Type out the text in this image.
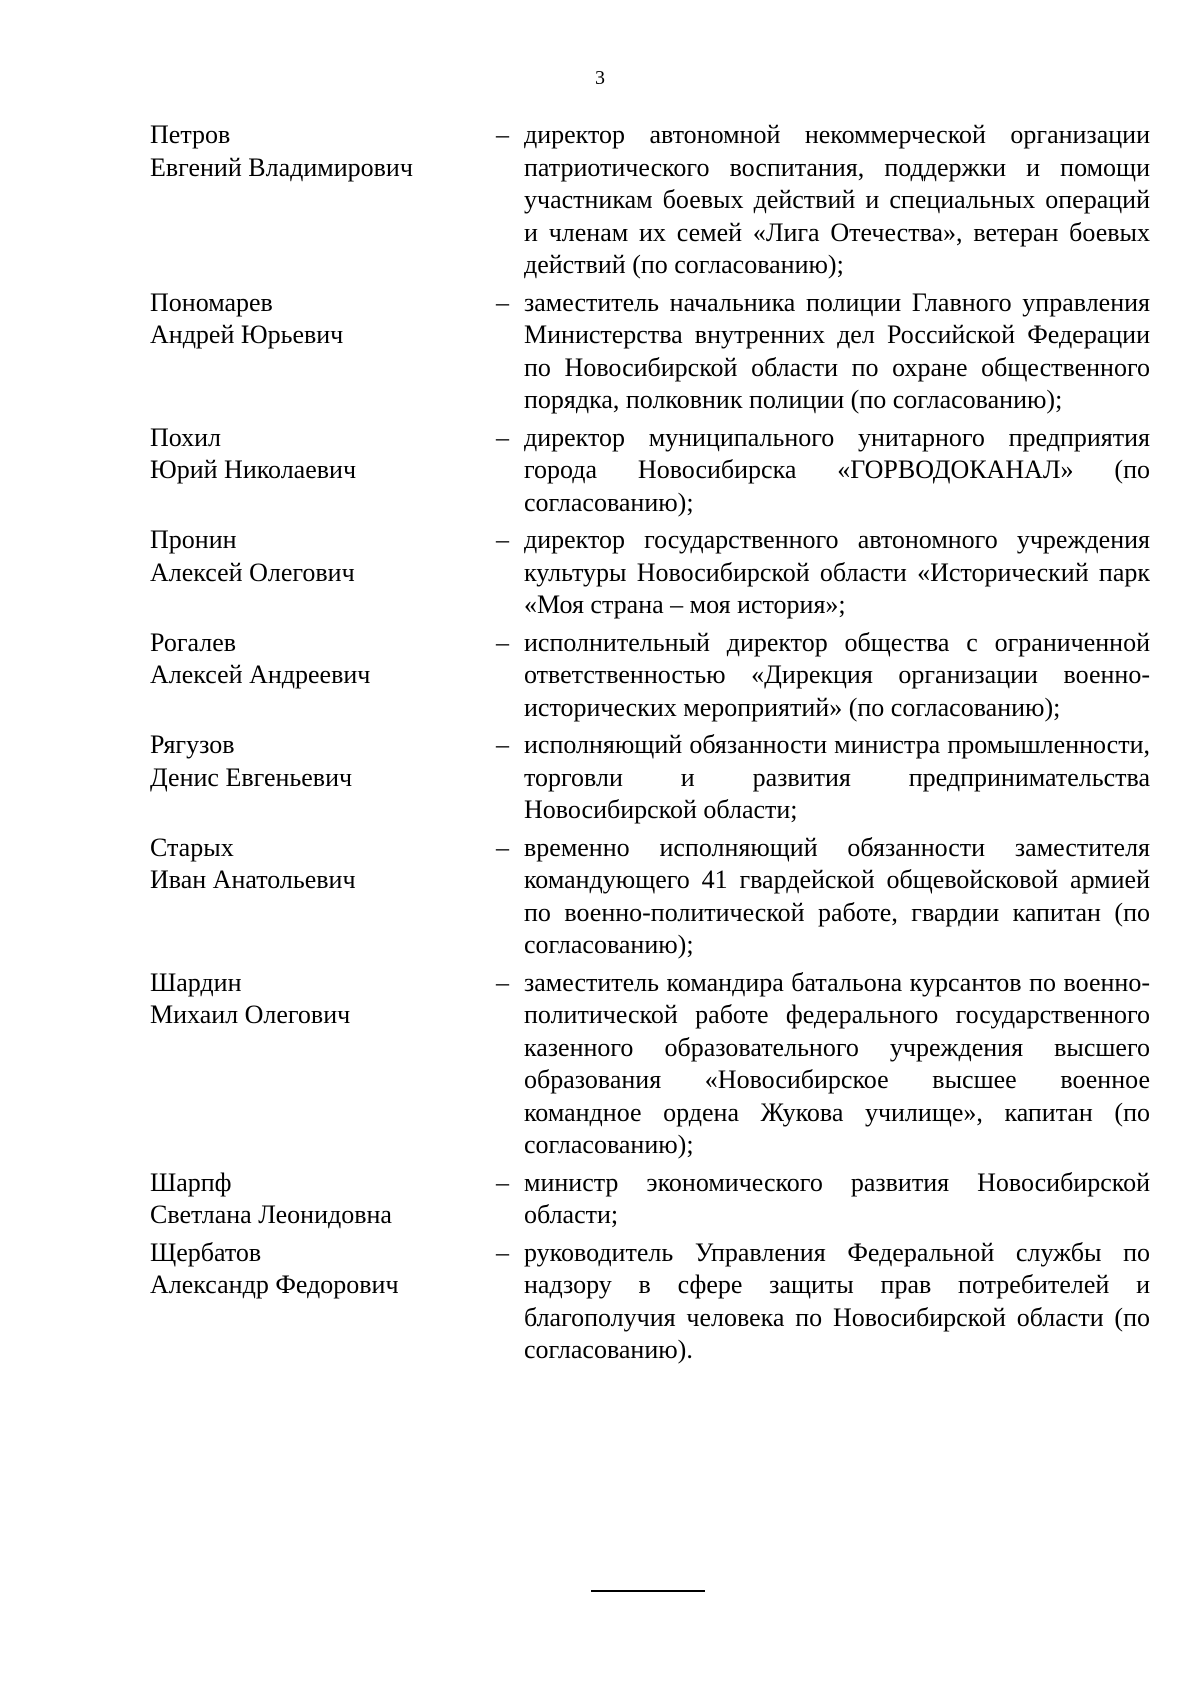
3
Петров
Евгений Владимирович
– директор автономной некоммерческой организации патриотического воспитания, поддержки и помощи участникам боевых действий и специальных операций и членам их семей «Лига Отечества», ветеран боевых действий (по согласованию);
Пономарев
Андрей Юрьевич
– заместитель начальника полиции Главного управления Министерства внутренних дел Российской Федерации по Новосибирской области по охране общественного порядка, полковник полиции (по согласованию);
Похил
Юрий Николаевич
– директор муниципального унитарного предприятия города Новосибирска «ГОРВОДОКАНАЛ» (по согласованию);
Пронин
Алексей Олегович
– директор государственного автономного учреждения культуры Новосибирской области «Исторический парк «Моя страна – моя история»;
Рогалев
Алексей Андреевич
– исполнительный директор общества с ограниченной ответственностью «Дирекция организации военно-исторических мероприятий» (по согласованию);
Рягузов
Денис Евгеньевич
– исполняющий обязанности министра промышленности, торговли и развития предпринимательства Новосибирской области;
Старых
Иван Анатольевич
– временно исполняющий обязанности заместителя командующего 41 гвардейской общевойсковой армией по военно-политической работе, гвардии капитан (по согласованию);
Шардин
Михаил Олегович
– заместитель командира батальона курсантов по военно-политической работе федерального государственного казенного образовательного учреждения высшего образования «Новосибирское высшее военное командное ордена Жукова училище», капитан (по согласованию);
Шарпф
Светлана Леонидовна
– министр экономического развития Новосибирской области;
Щербатов
Александр Федорович
– руководитель Управления Федеральной службы по надзору в сфере защиты прав потребителей и благополучия человека по Новосибирской области (по согласованию).
